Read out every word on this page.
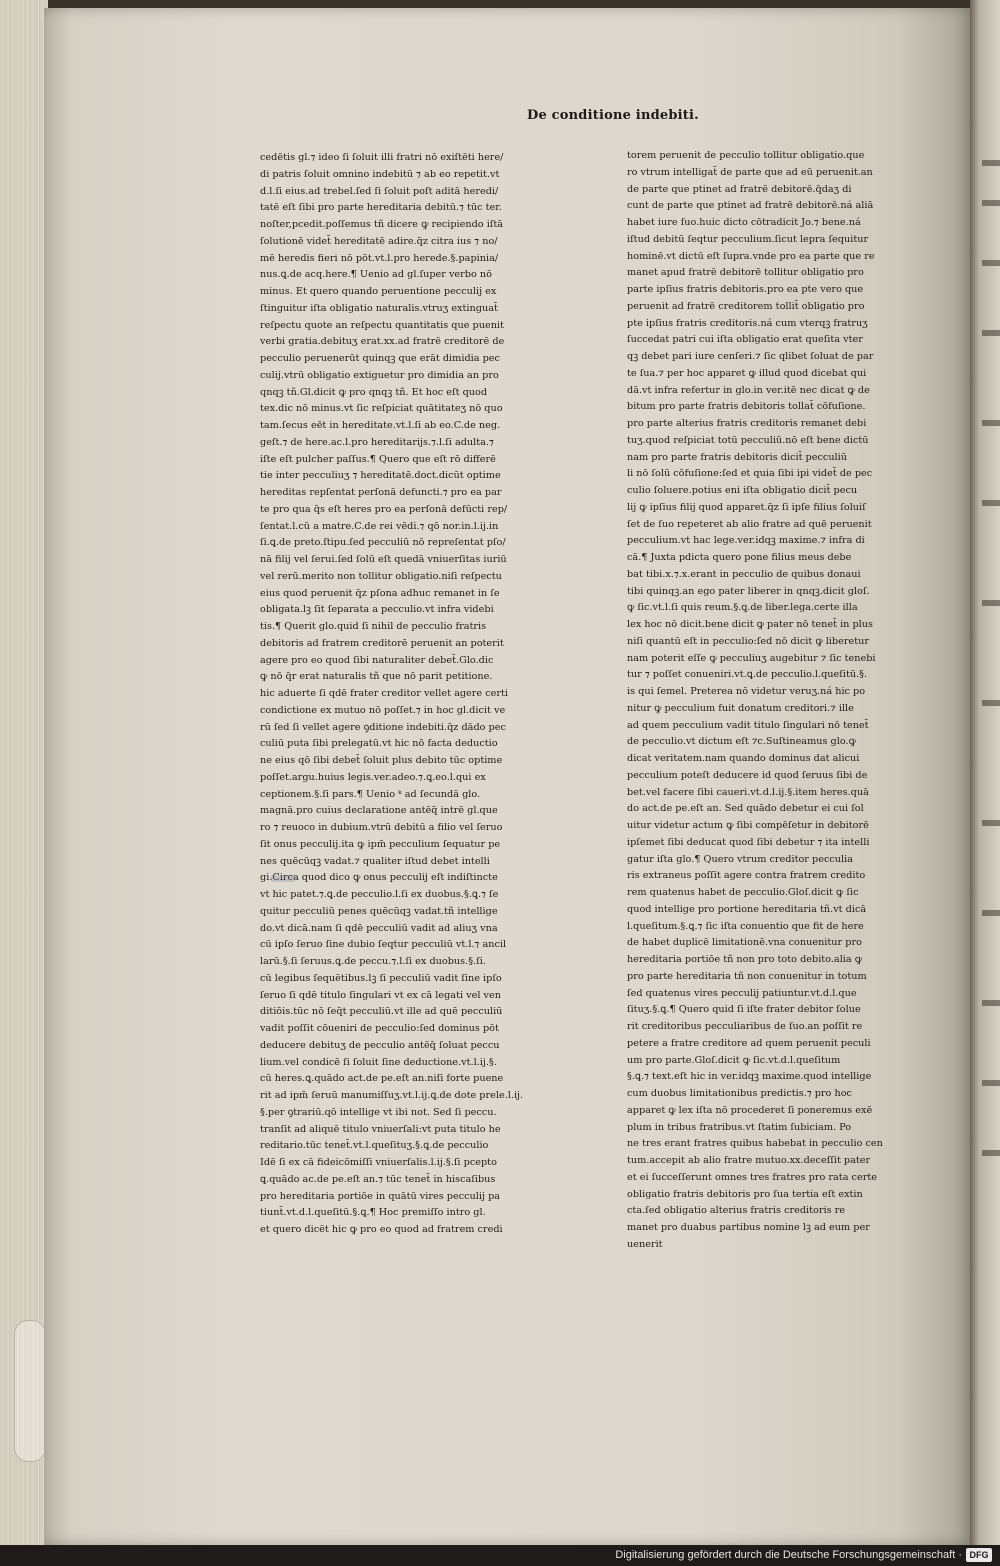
De conditione indebiti.
cedētis gl.⁊ ideo ſi ſoluit illi fratri nō exiſtēti here/
di patris ſoluit omnino indebitū ⁊ ab eo repetit.vt
d.l.ſi eius.ad trebel.ſed ſi ſoluit poſt aditā heredi/
tatē eſt ſibi pro parte hereditaria debitū.⁊ tūc ter.
noſter,pcedit.poſſemus tñ dicere ꝙ recipiendo iſtā
ſolutionē videt̄ hereditatē adire.q̄z citra ius ⁊ no/
mē heredis fieri nō pōt.vt.l.pro herede.§.papinia/
nus.ꝗ.de acq.here.¶ Uenio ad gl.ſuper verbo nō
minus. Et quero quando peruentione pecculij ex
ſtinguitur iſta obligatio naturalis.vtruʒ extinguat̄
reſpectu quote an reſpectu quantitatis que puenit
verbi gratia.debituʒ erat.xx.ad fratrē creditorē de
pecculio peruenerūt quinqꝫ que erāt dimidia pec
culij.vtrū obligatio extiguetur pro dimidia an pro
qnqꝫ tñ.Gl.dicit ꝙ pro qnqꝫ tñ. Et hoc eſt quod
tex.dic nō minus.vt ſic reſpiciat quātitateʒ nō quo
tam.ſecus eēt in hereditate.vt.l.ſi ab eo.C.de neg.
geſt.⁊ de here.ac.l.pro hereditarijs.⁊.l.ſi adulta.⁊
iſte eſt pulcher paſſus.¶ Quero que eſt rō differē
tie inter pecculiuʒ ⁊ hereditatē.doct.dicūt optime
hereditas repſentat perſonā defuncti.⁊ pro ea par
te pro qua q̄s eſt heres pro ea perſonā defūcti rep/
ſentat.l.cū a matre.C.de rei vēdi.⁊ qō nor.in.l.ij.in
ſi.ꝗ.de preto.ſtipu.ſed pecculiū nō repreſentat pſo/
nā filij vel ſerui.ſed ſolū eſt quedā vniuerſitas iuriū
vel rerū.merito non tollitur obligatio.niſi reſpectu
eius quod peruenit q̄z pſona adhuc remanet in ſe
obligata.lꝫ ſit ſeparata a pecculio.vt infra videbi
tis.¶ Querit glo.quid ſi nihil de pecculio fratris
debitoris ad fratrem creditorē peruenit an poterit
agere pro eo quod ſibi naturaliter debet̄.Glo.dic
ꝙ nō q̄r erat naturalis tñ que nō parit petitione.
hic aduerte ſi qdē frater creditor vellet agere certi
condictione ex mutuo nō poſſet.⁊ in hoc gl.dicit ve
rū ſed ſi vellet agere ꝯditione indebiti.q̄z dādo pec
culiū puta ſibi prelegatū.vt hic nō facta deductio
ne eius qō ſibi debet̄ ſoluit plus debito tūc optime
poſſet.argu.huius legis.ver.adeo.⁊.ꝗ.eo.l.qui ex
ceptionem.§.ſi pars.¶ Uenio ᵏ ad ſecundā glo.
magnā.pro cuius declaratione antēq̄ intrē gl.que
ro ⁊ reuoco in dubium.vtrū debitū a filio vel ſeruo
ſit onus pecculij.ita ꝙ ipm̄ pecculium ſequatur pe
nes quēcūqꝫ vadat.⁊ qualiter iſtud debet intelli
gi.Circa quod dico ꝙ onus pecculij eſt indiſtincte
vt hic patet.⁊.ꝗ.de pecculio.l.ſi ex duobus.§.ꝗ.⁊ ſe
quitur pecculiū penes quēcūqꝫ vadat.tñ intellige
do.vt dicā.nam ſi qdē pecculiū vadit ad aliuʒ vna
cū ipſo ſeruo ſine dubio ſeqtur pecculiū vt.l.⁊ ancil
larū.§.ſi ſeruus.ꝗ.de peccu.⁊.l.ſi ex duobus.§.ſi.
cū legibus ſequētibus.lꝫ ſi pecculiū vadit ſine ipſo
ſeruo ſi qdē titulo ſingulari vt ex cā legati vel ven
ditiōis.tūc nō ſeq̄t pecculiū.vt ille ad quē pecculiū
vadit poſſit cōueniri de pecculio:ſed dominus pōt
deducere debituʒ de pecculio antēq̄ ſoluat peccu
lium.vel condicē ſi ſoluit ſine deductione.vt.l.ij.§.
cū heres.ꝗ.quādo act.de pe.eſt an.niſi forte puene
rit ad ipm̄ ſeruū manumiſſuʒ.vt.l.ij.ꝗ.de dote prele.l.ij.
§.per ꝯtrariū.qō intellige vt ibi not. Sed ſi peccu.
tranſit ad aliquē titulo vniuerſali:vt puta titulo he
reditario.tūc tenet̄.vt.l.queſituʒ.§.ꝗ.de pecculio
Idē ſi ex cā fideicōmiſſi vniuerſalis.l.ij.§.ſi pcepto
ꝗ.quādo ac.de pe.eſt an.⁊ tūc tenet̄ in hiscaſibus
pro hereditaria portiōe in quātū vires pecculij pa
tiunt̄.vt.d.l.queſitū.§.ꝗ.¶ Hoc premiſſo intro gl.
et quero dicēt hic ꝙ pro eo quod ad fratrem credi
torem peruenit de pecculio tollitur obligatio.que
ro vtrum intelligat̄ de parte que ad eū peruenit.an
de parte que ptinet ad fratrē debitorē.q̄daʒ di
cunt de parte que ptinet ad fratrē debitorē.ná aliā
habet iure ſuo.huic dicto cōtradicit Jo.⁊ bene.ná
iſtud debitū ſeqtur pecculium.ſicut lepra ſequitur
hominē.vt dictū eſt ſupra.vnde pro ea parte que re
manet apud fratrē debitorē tollitur obligatio pro
parte ipſius fratris debitoris.pro ea pte vero que
peruenit ad fratrē creditorem tollit̄ obligatio pro
pte ipſius fratris creditoris.ná cum vterqꝫ fratruʒ
ſuccedat patri cui iſta obligatio erat queſita vter
qꝫ debet pari iure cenſeri.⁊ ſic qlibet ſoluat de par
te ſua.⁊ per hoc apparet ꝙ illud quod dicebat qui
dā.vt infra refertur in glo.in ver.itē nec dicat ꝙ de
bitum pro parte fratris debitoris tollat̄ cōfuſione.
pro parte alterius fratris creditoris remanet debi
tuʒ.quod reſpiciat totū pecculiū.nō eſt bene dictū
nam pro parte fratris debitoris dicit̄ pecculiū
li nō ſolū cōfuſione:ſed et quia ſibi ipi videt̄ de pec
culio ſoluere.potius eni iſta obligatio dicit̄ pecu
lij ꝙ ipſius filij quod apparet.q̄z ſi ipſe filius ſoluiſ
ſet de ſuo repeteret ab alio fratre ad quē peruenit
pecculium.vt hac lege.ver.idqꝫ maxime.⁊ infra di
cā.¶ Juxta pdicta quero pone filius meus debe
bat tibi.x.⁊.x.erant in pecculio de quibus donaui
tibi quinqꝫ.an ego pater liberer in qnqꝫ.dicit gloſ.
ꝙ ſic.vt.l.ſi quis reum.§.ꝗ.de liber.lega.certe illa
lex hoc nō dicit.bene dicit ꝙ pater nō tenet̄ in plus
niſi quantū eſt in pecculio:ſed nō dicit ꝙ liberetur
nam poterit eſſe ꝙ pecculiuʒ augebitur ⁊ ſic tenebi
tur ⁊ poſſet conueniri.vt.ꝗ.de pecculio.l.queſitū.§.
is qui ſemel. Preterea nō videtur veruʒ.ná hic po
nitur ꝙ pecculium fuit donatum creditori.⁊ ille
ad quem pecculium vadit titulo ſingulari nō tenet̄
de pecculio.vt dictum eſt ⁊c.Suſtineamus glo.ꝙ
dicat veritatem.nam quando dominus dat alicui
pecculium poteſt deducere id quod ſeruus ſibi de
bet.vel facere ſibi caueri.vt.d.l.ij.§.item heres.quā
do act.de pe.eſt an. Sed quādo debetur ei cui ſol
uitur videtur actum ꝙ ſibi compēſetur in debitorē
ipſemet ſibi deducat quod ſibi debetur ⁊ ita intelli
gatur iſta glo.¶ Quero vtrum creditor pecculia
ris extraneus poſſit agere contra fratrem credito
rem quatenus habet de pecculio.Gloſ.dicit ꝙ ſic
quod intellige pro portione hereditaria tñ.vt dicā
l.queſitum.§.ꝗ.⁊ ſic iſta conuentio que fit de here
de habet duplicē limitationē.vna conuenitur pro
hereditaria portiōe tñ non pro toto debito.alia ꝙ
pro parte hereditaria tñ non conuenitur in totum
ſed quatenus vires pecculij patiuntur.vt.d.l.que
ſituʒ.§.ꝗ.¶ Quero quid ſi iſte frater debitor ſolue
rit creditoribus pecculiaribus de ſuo.an poſſit re
petere a fratre creditore ad quem peruenit peculi
um pro parte.Gloſ.dicit ꝙ ſic.vt.d.l.queſitum
§.ꝗ.⁊ text.eſt hic in ver.idqꝫ maxime.quod intellige
cum duobus limitationibus predictis.⁊ pro hoc
apparet ꝙ lex iſta nō procederet ſi poneremus exē
plum in tribus fratribus.vt ſtatim ſubiciam. Po
ne tres erant fratres quibus habebat in pecculio cen
tum.accepit ab alio fratre mutuo.xx.deceſſit pater
et ei ſucceſſerunt omnes tres fratres pro rata certe
obligatio fratris debitoris pro ſua tertia eſt extin
cta.ſed obligatio alterius fratris creditoris re
manet pro duabus partibus nomine lꝫ ad eum per
uenerit
Digitalisierung gefördert durch die Deutsche Forschungsgemeinschaft · DFG
